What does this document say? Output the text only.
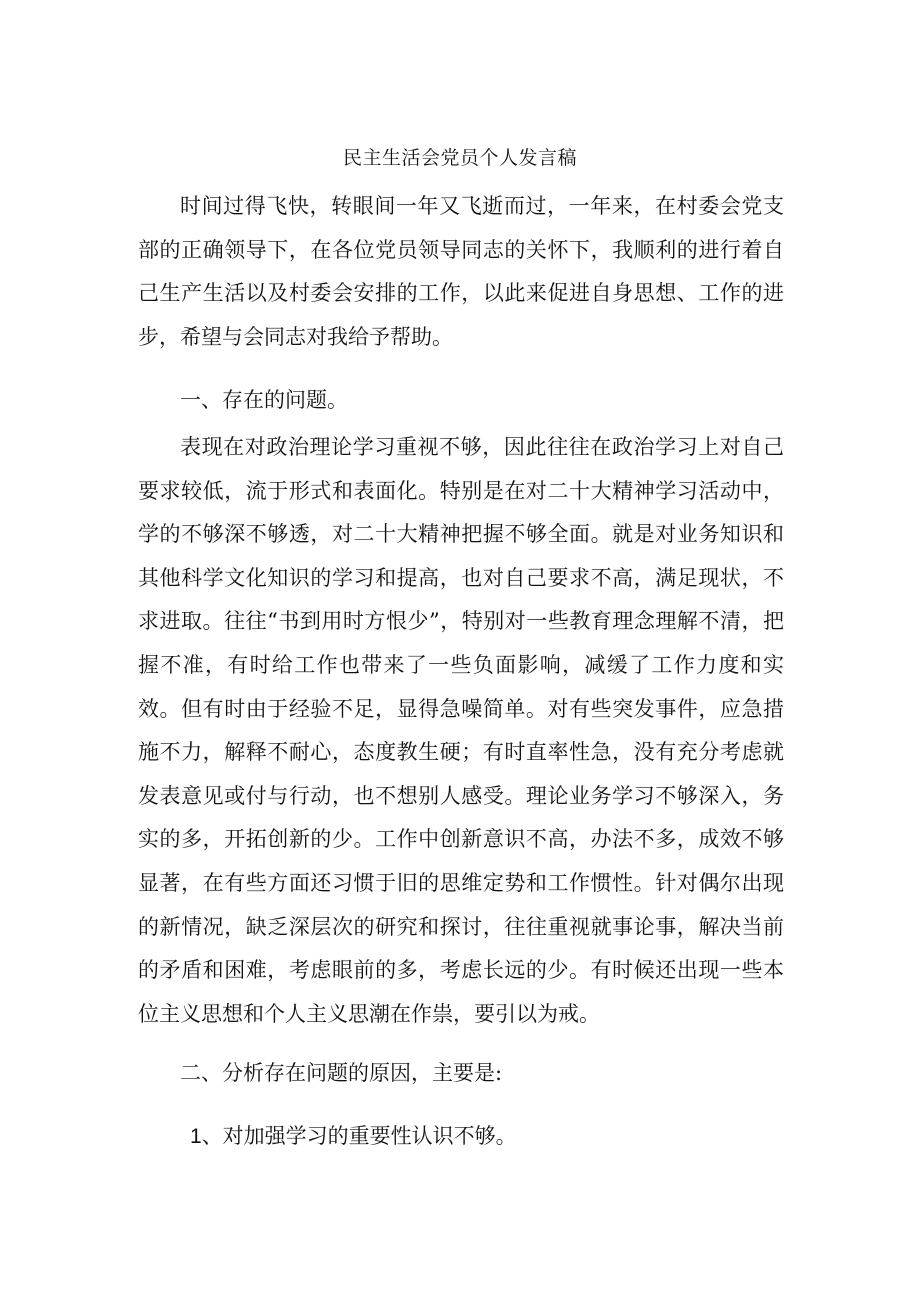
民主生活会党员个人发言稿

时间过得飞快，转眼间一年又飞逝而过，一年来，在村委会党支部的正确领导下，在各位党员领导同志的关怀下，我顺利的进行着自己生产生活以及村委会安排的工作，以此来促进自身思想、工作的进步，希望与会同志对我给予帮助。

一、存在的问题。

表现在对政治理论学习重视不够，因此往往在政治学习上对自己要求较低，流于形式和表面化。特别是在对二十大精神学习活动中，学的不够深不够透，对二十大精神把握不够全面。就是对业务知识和其他科学文化知识的学习和提高，也对自己要求不高，满足现状，不求进取。往往“书到用时方恨少”，特别对一些教育理念理解不清，把握不准，有时给工作也带来了一些负面影响，减缓了工作力度和实效。但有时由于经验不足，显得急噪简单。对有些突发事件，应急措施不力，解释不耐心，态度教生硬；有时直率性急，没有充分考虑就发表意见或付与行动，也不想别人感受。理论业务学习不够深入，务实的多，开拓创新的少。工作中创新意识不高，办法不多，成效不够显著，在有些方面还习惯于旧的思维定势和工作惯性。针对偶尔出现的新情况，缺乏深层次的研究和探讨，往往重视就事论事，解决当前的矛盾和困难，考虑眼前的多，考虑长远的少。有时候还出现一些本位主义思想和个人主义思潮在作祟，要引以为戒。

二、分析存在问题的原因，主要是:

1、对加强学习的重要性认识不够。
